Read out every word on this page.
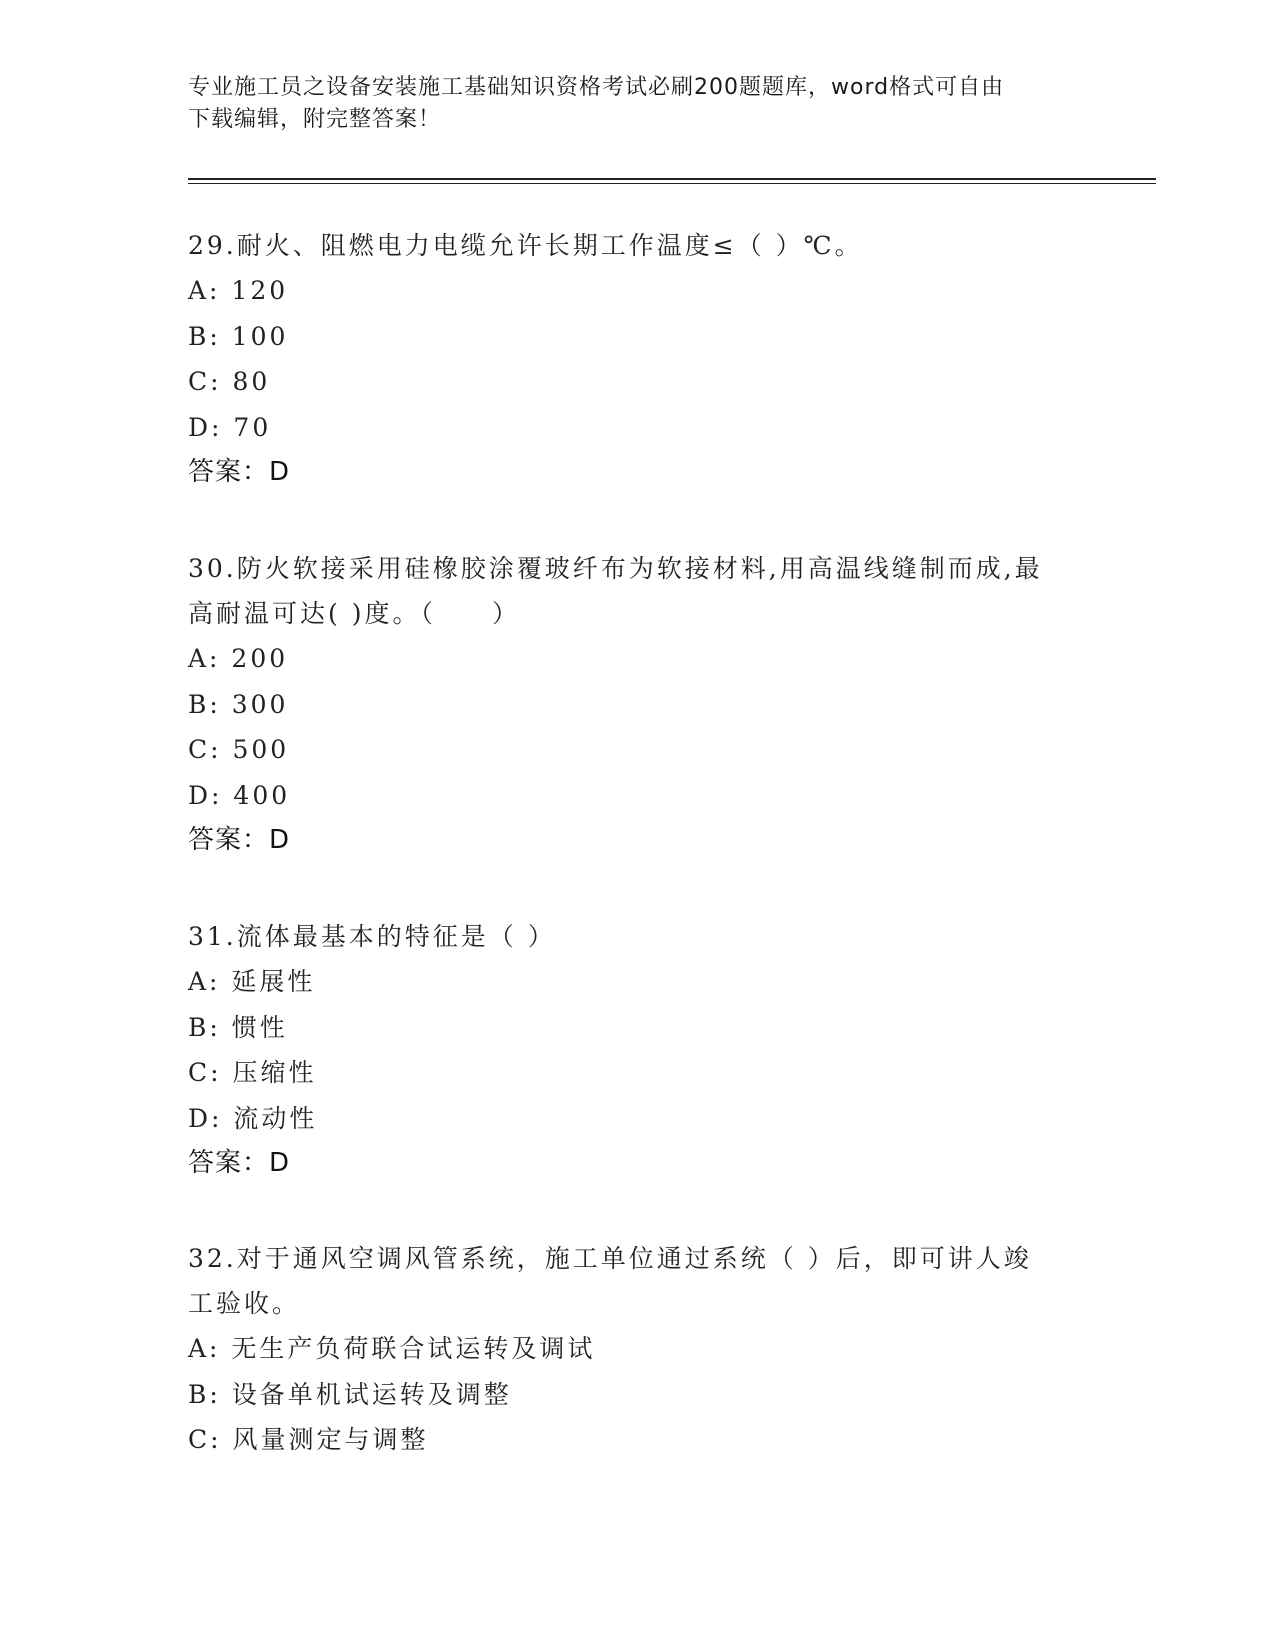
专业施工员之设备安装施工基础知识资格考试必刷200题题库，word格式可自由
下载编辑，附完整答案！

29.耐火、阻燃电力电缆允许长期工作温度≤（ ）℃。

A: 120

B: 100

C: 80

D: 70

答案：D

30.防火软接采用硅橡胶涂覆玻纤布为软接材料,用高温线缝制而成,最

高耐温可达( )度。（　　）

A: 200

B: 300

C: 500

D: 400

答案：D

31.流体最基本的特征是（ ）

A: 延展性

B: 惯性

C: 压缩性

D: 流动性

答案：D

32.对于通风空调风管系统，施工单位通过系统（ ）后，即可讲人竣

工验收。

A: 无生产负荷联合试运转及调试

B: 设备单机试运转及调整

C: 风量测定与调整
